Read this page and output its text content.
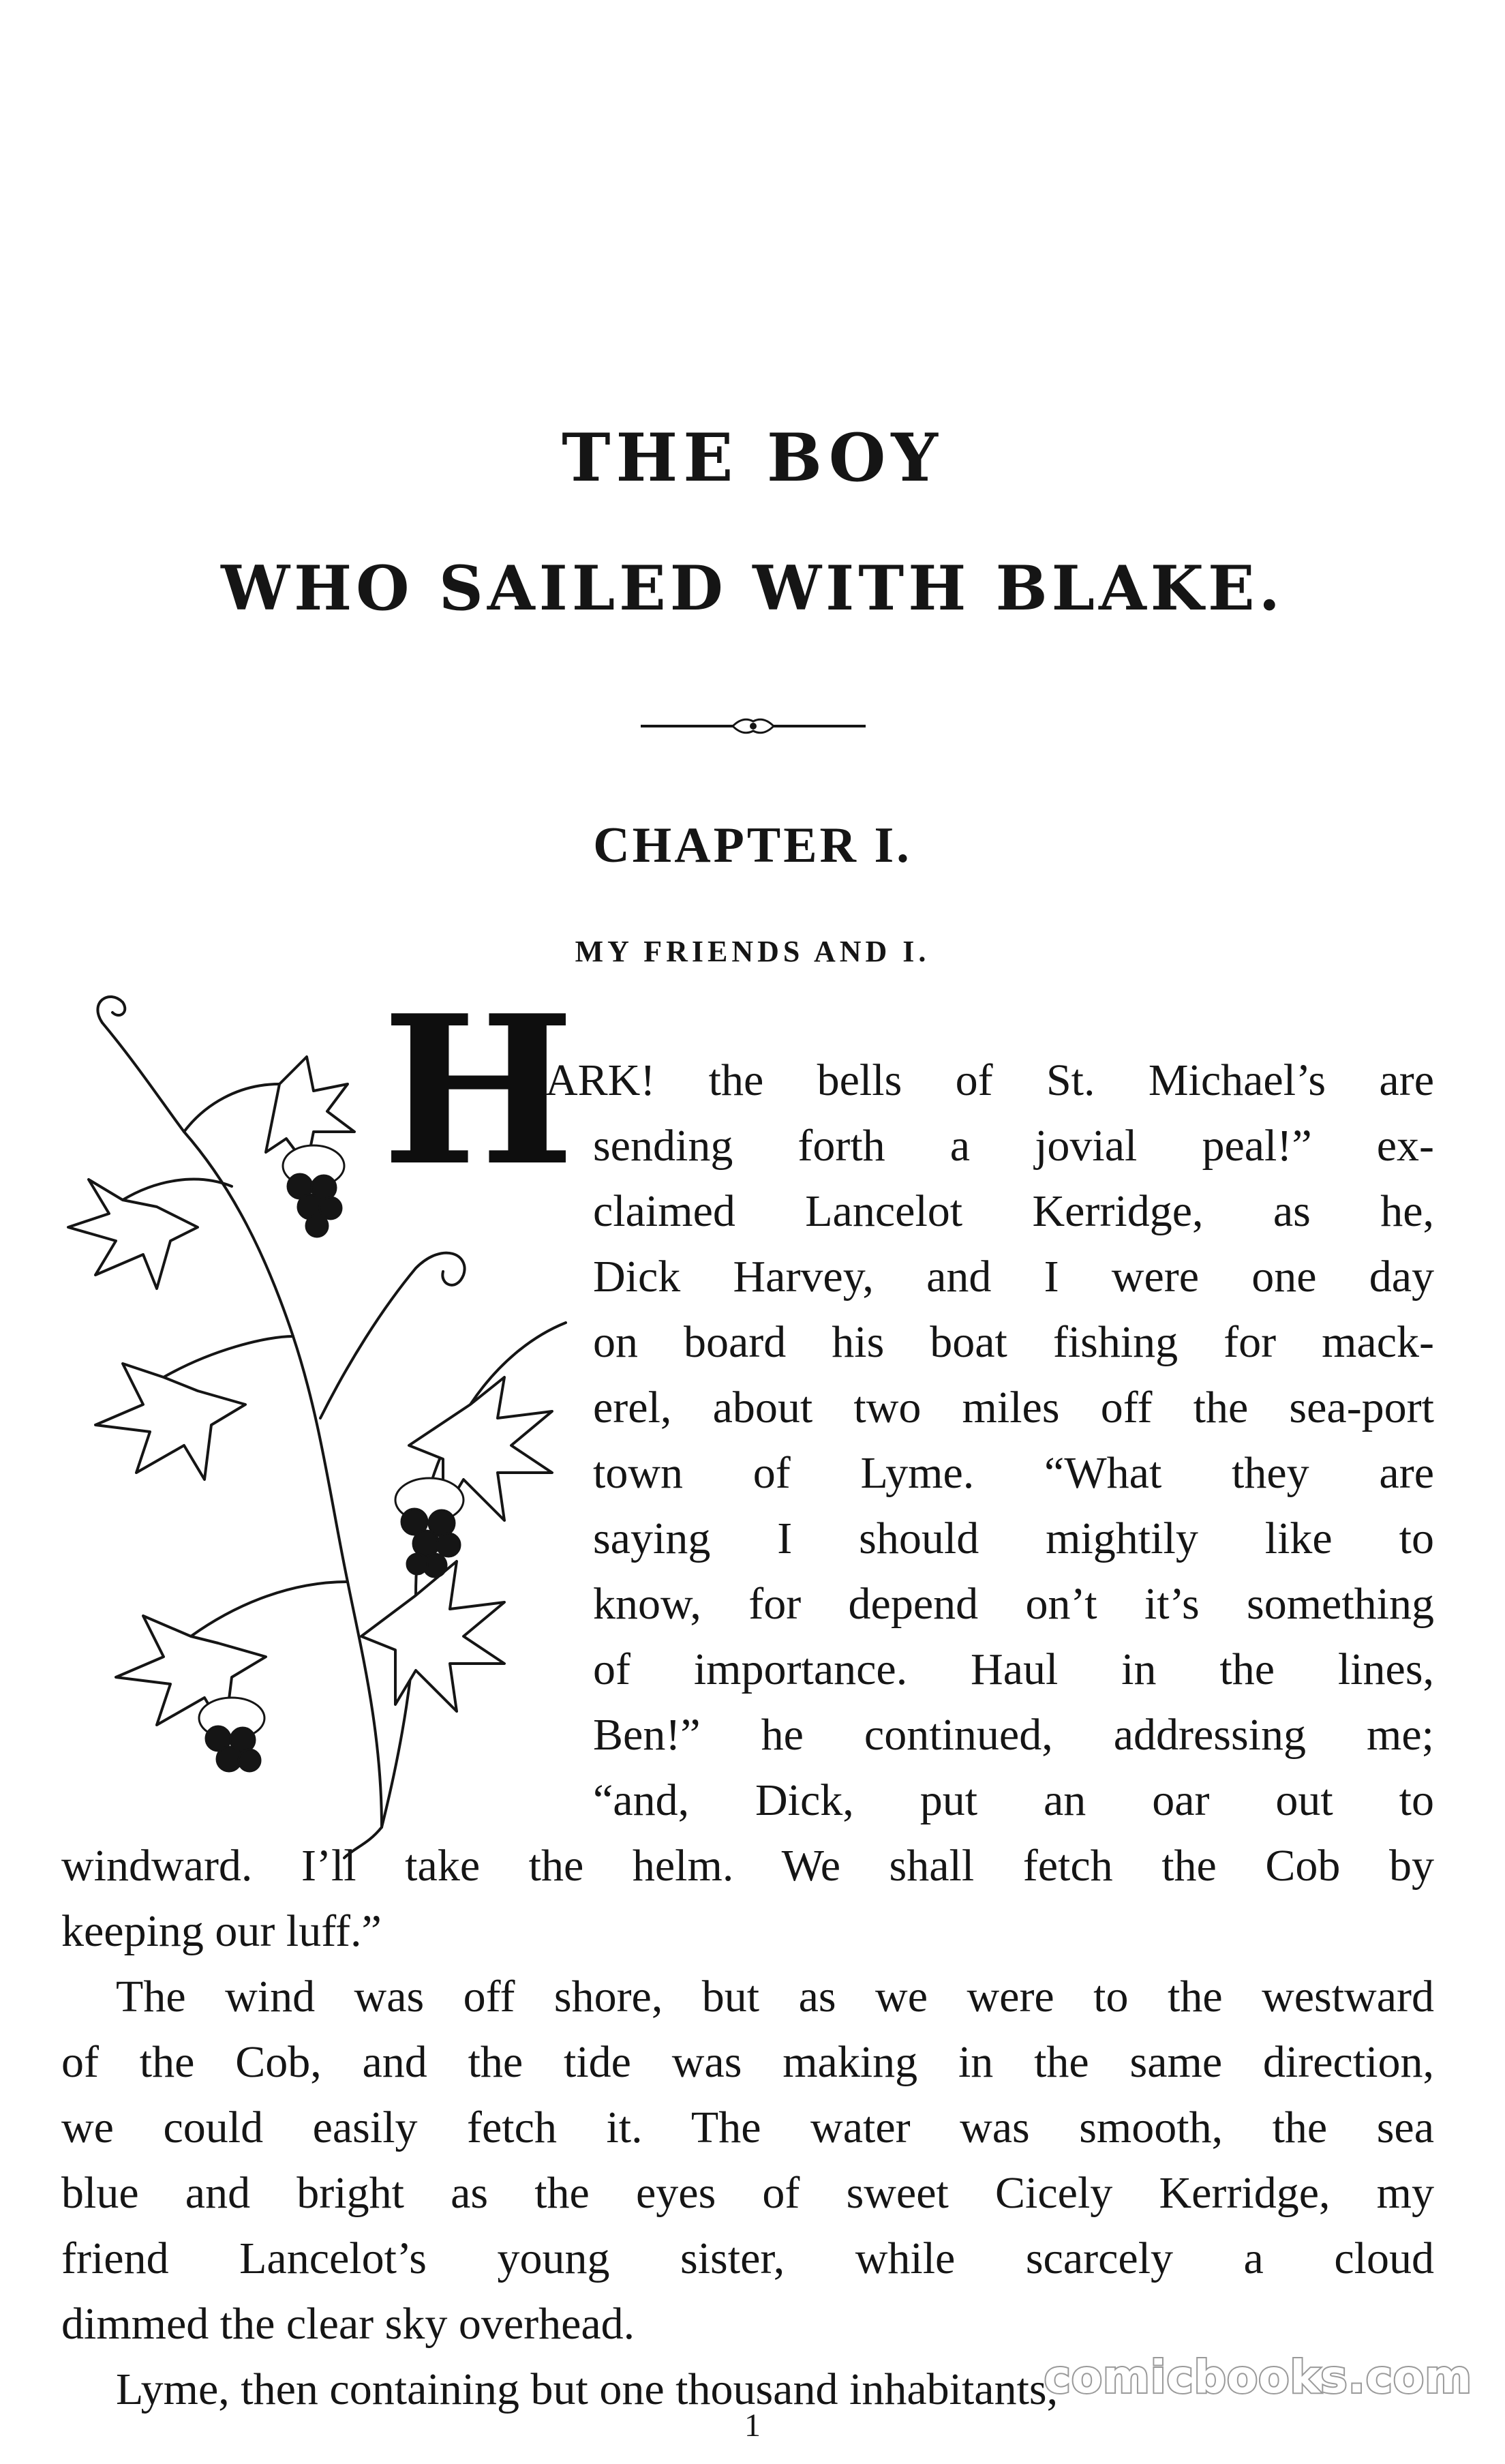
THE BOY
WHO SAILED WITH BLAKE.
CHAPTER I.
MY FRIENDS AND I.
H

ARK! the bells of St. Michael’s are

sending forth a jovial peal!” ex-

claimed Lancelot Kerridge, as he,

Dick Harvey, and I were one day

on board his boat fishing for mack-

erel, about two miles off the sea-port

town of Lyme. “What they are

saying I should mightily like to

know, for depend on’t it’s something

of importance. Haul in the lines,

Ben!” he continued, addressing me;

“and, Dick, put an oar out to

windward. I’ll take the helm. We shall fetch the Cob by

keeping our luff.”

The wind was off shore, but as we were to the westward

of the Cob, and the tide was making in the same direction,

we could easily fetch it. The water was smooth, the sea

blue and bright as the eyes of sweet Cicely Kerridge, my

friend Lancelot’s young sister, while scarcely a cloud

dimmed the clear sky overhead.

Lyme, then containing but one thousand inhabitants,

1
comicbooks.com
